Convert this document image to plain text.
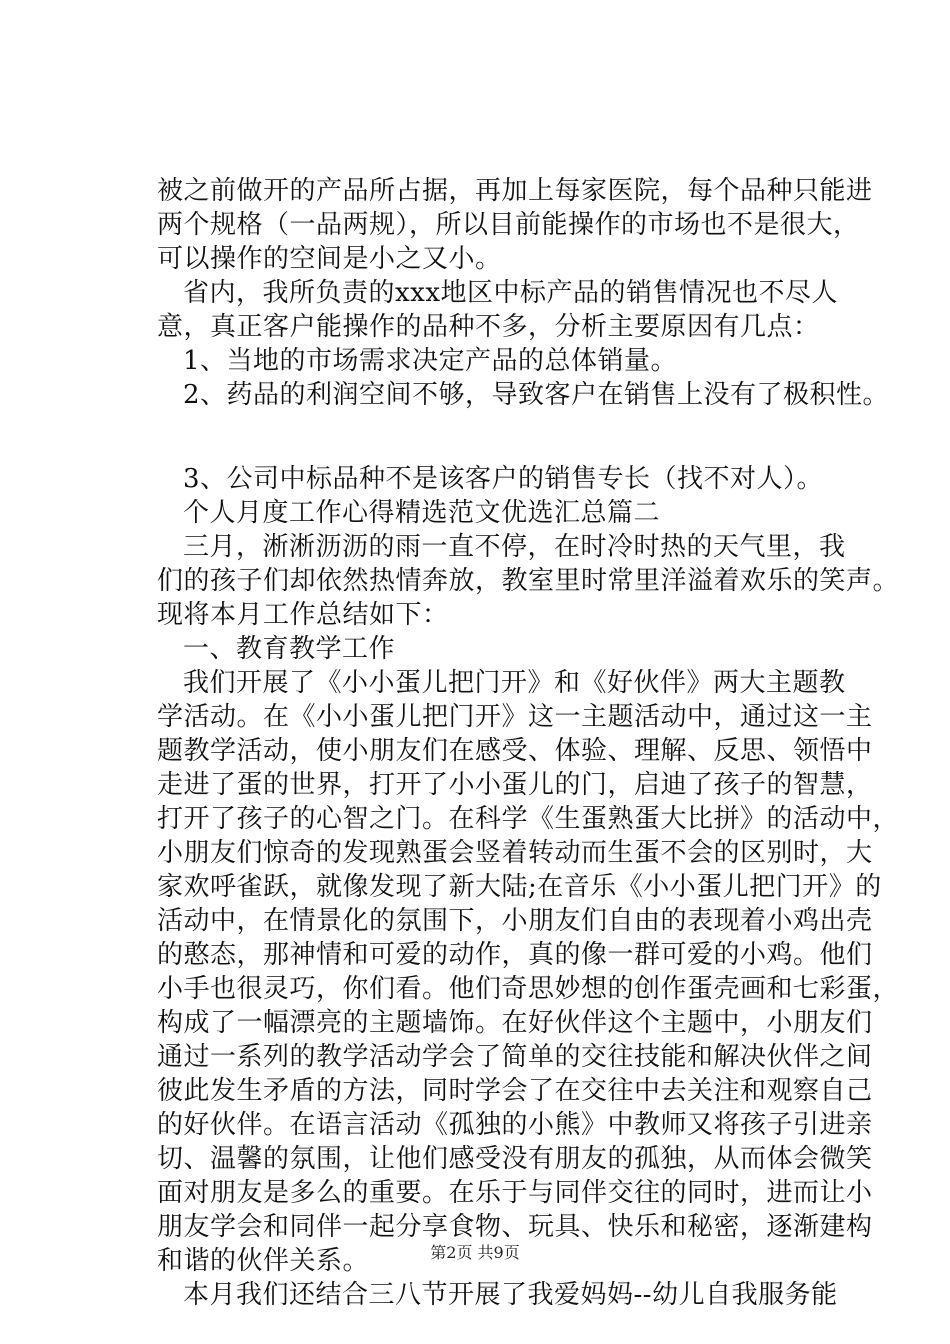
被之前做开的产品所占据，再加上每家医院，每个品种只能进
两个规格（一品两规），所以目前能操作的市场也不是很大，
可以操作的空间是小之又小。
省内，我所负责的xxx地区中标产品的销售情况也不尽人
意，真正客户能操作的品种不多，分析主要原因有几点：
1、当地的市场需求决定产品的总体销量。
2、药品的利润空间不够，导致客户在销售上没有了极积性。
3、公司中标品种不是该客户的销售专长（找不对人）。
个人月度工作心得精选范文优选汇总篇二
三月，淅淅沥沥的雨一直不停，在时冷时热的天气里，我
们的孩子们却依然热情奔放，教室里时常里洋溢着欢乐的笑声。
现将本月工作总结如下：
一、教育教学工作
我们开展了《小小蛋儿把门开》和《好伙伴》两大主题教
学活动。在《小小蛋儿把门开》这一主题活动中，通过这一主
题教学活动，使小朋友们在感受、体验、理解、反思、领悟中
走进了蛋的世界，打开了小小蛋儿的门，启迪了孩子的智慧，
打开了孩子的心智之门。在科学《生蛋熟蛋大比拼》的活动中，
小朋友们惊奇的发现熟蛋会竖着转动而生蛋不会的区别时，大
家欢呼雀跃，就像发现了新大陆;在音乐《小小蛋儿把门开》的
活动中，在情景化的氛围下，小朋友们自由的表现着小鸡出壳
的憨态，那神情和可爱的动作，真的像一群可爱的小鸡。他们
小手也很灵巧，你们看。他们奇思妙想的创作蛋壳画和七彩蛋，
构成了一幅漂亮的主题墙饰。在好伙伴这个主题中，小朋友们
通过一系列的教学活动学会了简单的交往技能和解决伙伴之间
彼此发生矛盾的方法，同时学会了在交往中去关注和观察自己
的好伙伴。在语言活动《孤独的小熊》中教师又将孩子引进亲
切、温馨的氛围，让他们感受没有朋友的孤独，从而体会微笑
面对朋友是多么的重要。在乐于与同伴交往的同时，进而让小
朋友学会和同伴一起分享食物、玩具、快乐和秘密，逐渐建构
和谐的伙伴关系。
本月我们还结合三八节开展了我爱妈妈--幼儿自我服务能
第2页 共9页
